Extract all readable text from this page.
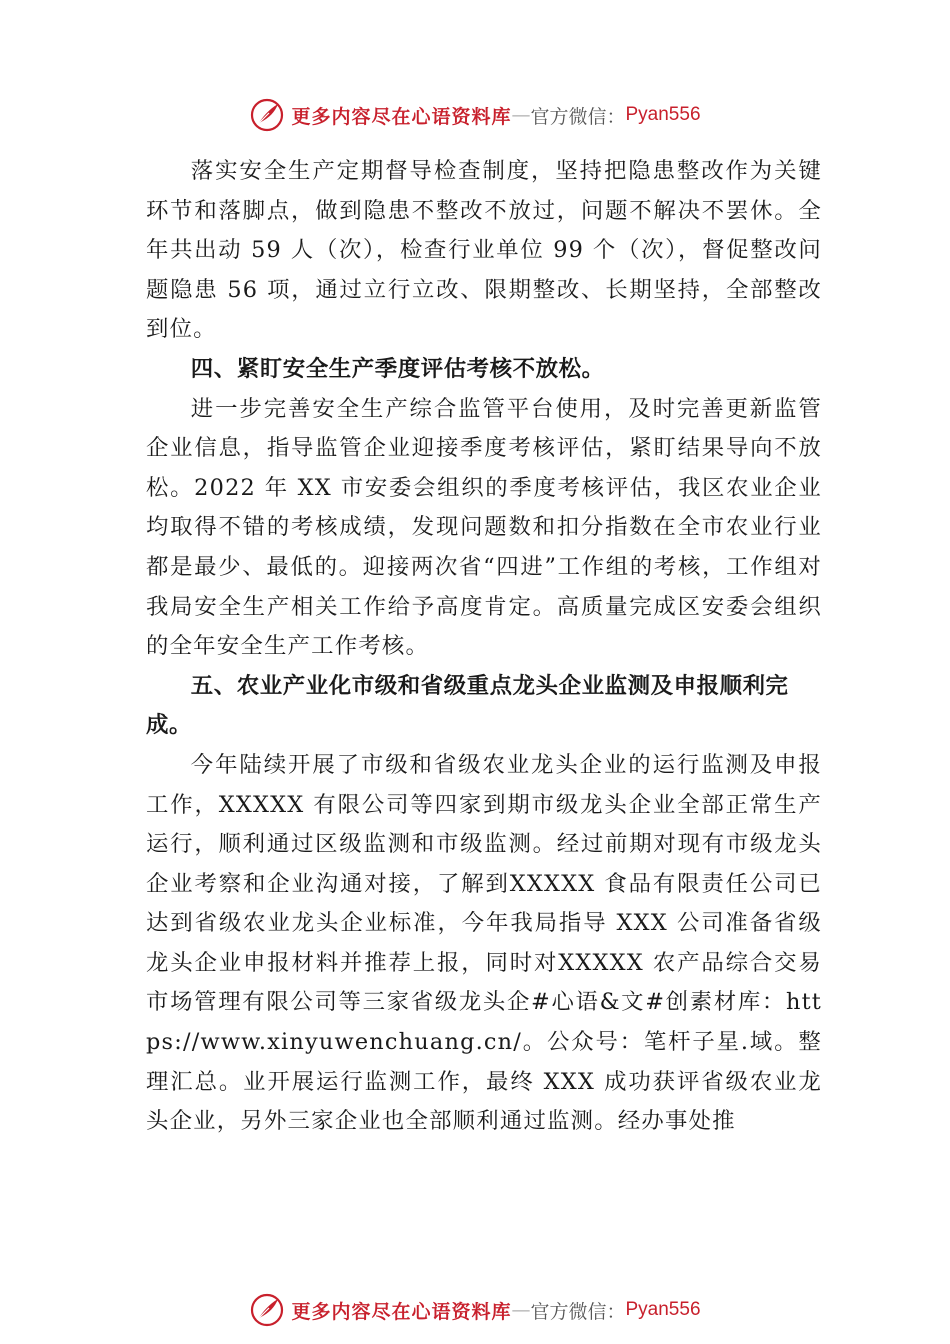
更多内容尽在心语资料库 — 官方微信： Pyan556

落实安全生产定期督导检查制度，坚持把隐患整改作为关键环节和落脚点，做到隐患不整改不放过，问题不解决不罢休。全年共出动 59 人（次），检查行业单位 99 个（次），督促整改问题隐患 56 项，通过立行立改、限期整改、长期坚持，全部整改到位。

四、紧盯安全生产季度评估考核不放松。

进一步完善安全生产综合监管平台使用，及时完善更新监管企业信息，指导监管企业迎接季度考核评估，紧盯结果导向不放松。2022 年 XX 市安委会组织的季度考核评估，我区农业企业均取得不错的考核成绩，发现问题数和扣分指数在全市农业行业都是最少、最低的。迎接两次省“四进”工作组的考核，工作组对我局安全生产相关工作给予高度肯定。高质量完成区安委会组织的全年安全生产工作考核。

五、农业产业化市级和省级重点龙头企业监测及申报顺利完成。

今年陆续开展了市级和省级农业龙头企业的运行监测及申报工作，XXXXX 有限公司等四家到期市级龙头企业全部正常生产运行，顺利通过区级监测和市级监测。经过前期对现有市级龙头企业考察和企业沟通对接，了解到XXXXX 食品有限责任公司已达到省级农业龙头企业标准，今年我局指导 XXX 公司准备省级龙头企业申报材料并推荐上报，同时对XXXXX 农产品综合交易市场管理有限公司等三家省级龙头企#心语&文#创素材库：https://www.xinyuwenchuang.cn/。公众号：笔杆子星.域。整理汇总。业开展运行监测工作，最终 XXX 成功获评省级农业龙头企业，另外三家企业也全部顺利通过监测。经办事处推

更多内容尽在心语资料库 — 官方微信： Pyan556
